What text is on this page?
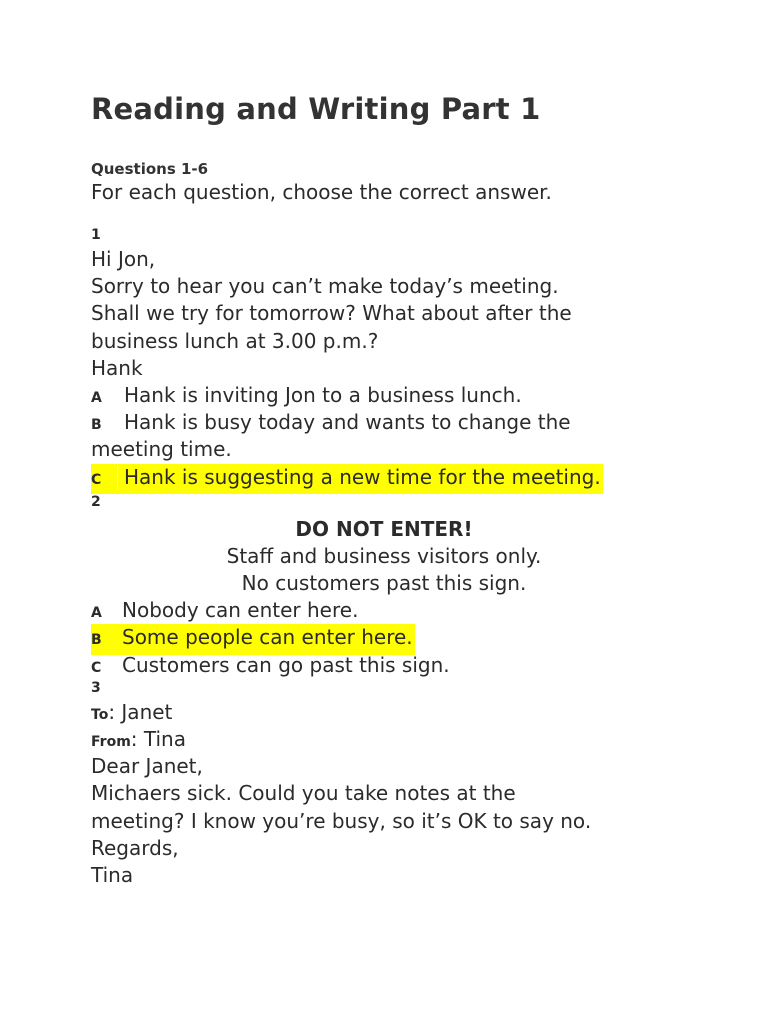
Reading and Writing Part 1
Questions 1-6
For each question, choose the correct answer.
1
Hi Jon,
Sorry to hear you can’t make today’s meeting.
Shall we try for tomorrow? What about after the
business lunch at 3.00 p.m.?
Hank
A Hank is inviting Jon to a business lunch.
B Hank is busy today and wants to change the
meeting time.
C Hank is suggesting a new time for the meeting.
2
DO NOT ENTER!
Staff and business visitors only.
No customers past this sign.
A Nobody can enter here.
B Some people can enter here.
C Customers can go past this sign.
3
To: Janet
From: Tina
Dear Janet,
Michaers sick. Could you take notes at the
meeting? I know you’re busy, so it’s OK to say no.
Regards,
Tina
